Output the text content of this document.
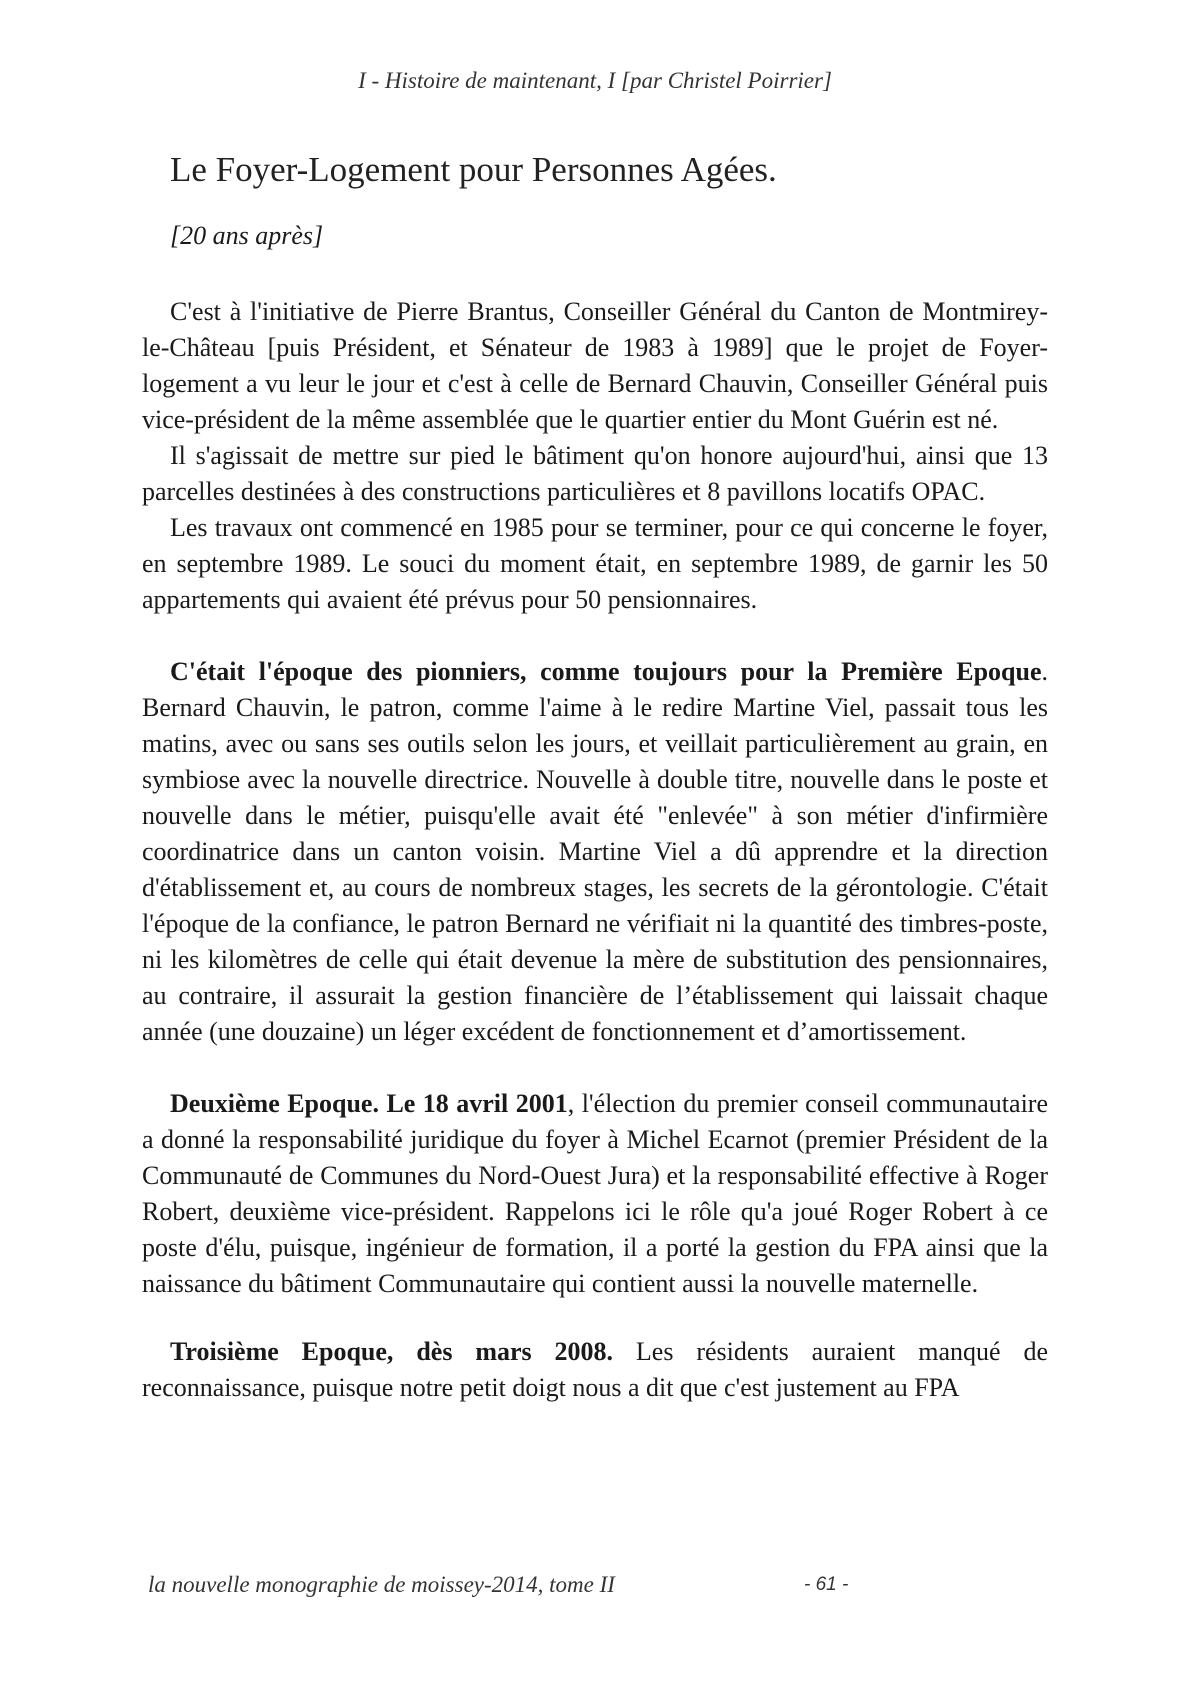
I - Histoire de maintenant, I [par Christel Poirrier]
Le Foyer-Logement pour Personnes Agées.
[20 ans après]

C'est à l'initiative de Pierre Brantus, Conseiller Général du Canton de Montmirey-le-Château [puis Président, et Sénateur de 1983 à 1989] que le projet de Foyer-logement a vu leur le jour et c'est à celle de Bernard Chauvin, Conseiller Général puis vice-président de la même assemblée que le quartier entier du Mont Guérin est né.

Il s'agissait de mettre sur pied le bâtiment qu'on honore aujourd'hui, ainsi que 13 parcelles destinées à des constructions particulières et 8 pavillons locatifs OPAC.

Les travaux ont commencé en 1985 pour se terminer, pour ce qui concerne le foyer, en septembre 1989. Le souci du moment était, en septembre 1989, de garnir les 50 appartements qui avaient été prévus pour 50 pensionnaires.

C'était l'époque des pionniers, comme toujours pour la Première Epoque. Bernard Chauvin, le patron, comme l'aime à le redire Martine Viel, passait tous les matins, avec ou sans ses outils selon les jours, et veillait particulièrement au grain, en symbiose avec la nouvelle directrice. Nouvelle à double titre, nouvelle dans le poste et nouvelle dans le métier, puisqu'elle avait été "enlevée" à son métier d'infirmière coordinatrice dans un canton voisin. Martine Viel a dû apprendre et la direction d'établissement et, au cours de nombreux stages, les secrets de la gérontologie. C'était l'époque de la confiance, le patron Bernard ne vérifiait ni la quantité des timbres-poste, ni les kilomètres de celle qui était devenue la mère de substitution des pensionnaires, au contraire, il assurait la gestion financière de l’établissement qui laissait chaque année (une douzaine) un léger excédent de fonctionnement et d’amortissement.

Deuxième Epoque. Le 18 avril 2001, l'élection du premier conseil communautaire a donné la responsabilité juridique du foyer à Michel Ecarnot (premier Président de la Communauté de Communes du Nord-Ouest Jura) et la responsabilité effective à Roger Robert, deuxième vice-président. Rappelons ici le rôle qu'a joué Roger Robert à ce poste d'élu, puisque, ingénieur de formation, il a porté la gestion du FPA ainsi que la naissance du bâtiment Communautaire qui contient aussi la nouvelle maternelle.

Troisième Epoque, dès mars 2008. Les résidents auraient manqué de reconnaissance, puisque notre petit doigt nous a dit que c'est justement au FPA

la nouvelle monographie de moissey-2014, tome II	- 61 -
